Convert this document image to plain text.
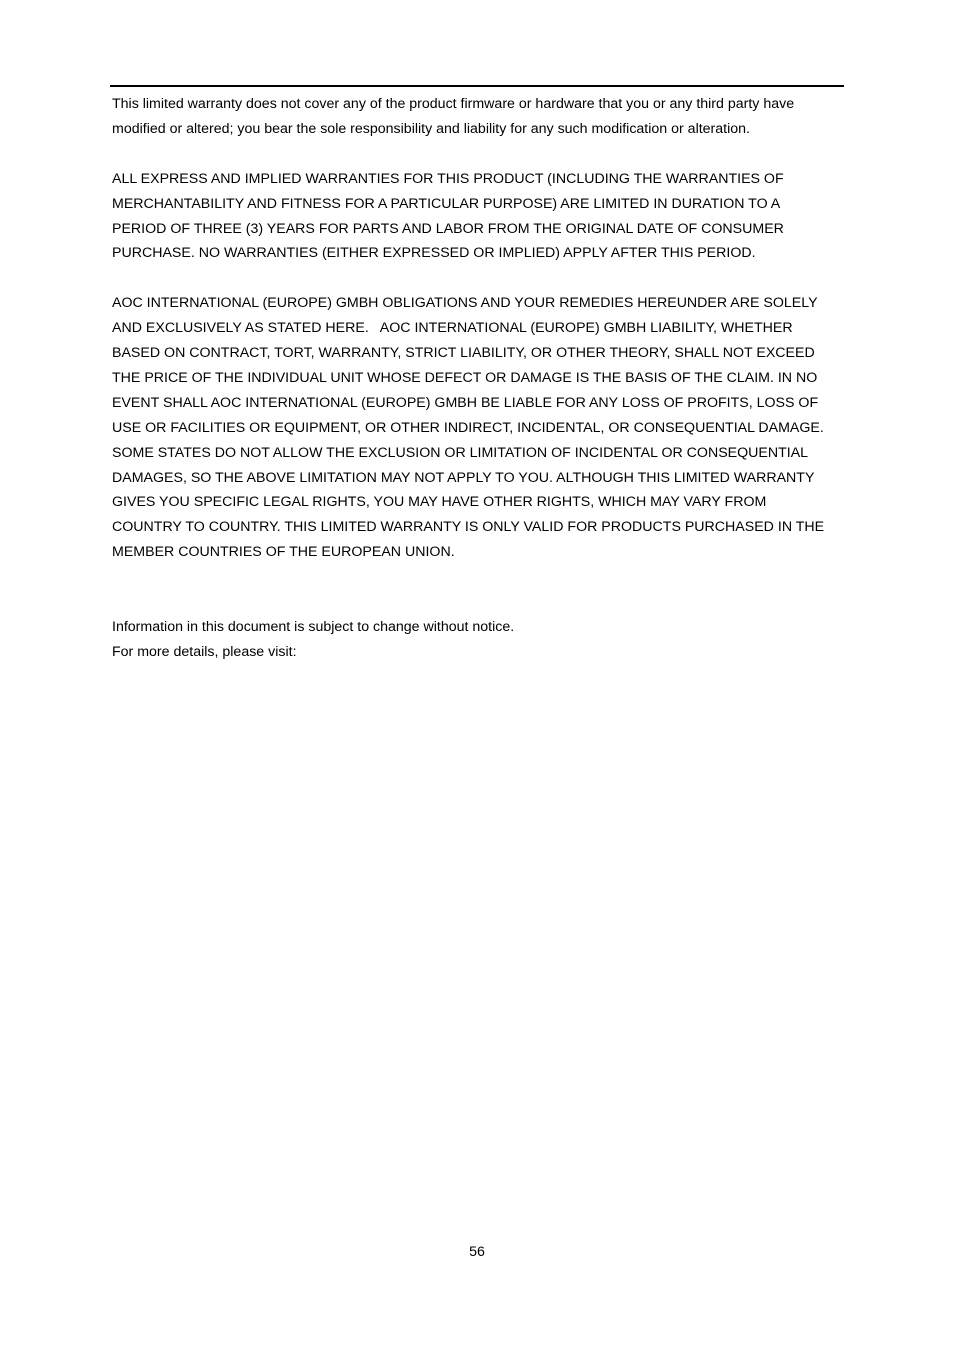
This limited warranty does not cover any of the product firmware or hardware that you or any third party have
modified or altered; you bear the sole responsibility and liability for any such modification or alteration.

ALL EXPRESS AND IMPLIED WARRANTIES FOR THIS PRODUCT (INCLUDING THE WARRANTIES OF
MERCHANTABILITY AND FITNESS FOR A PARTICULAR PURPOSE) ARE LIMITED IN DURATION TO A
PERIOD OF THREE (3) YEARS FOR PARTS AND LABOR FROM THE ORIGINAL DATE OF CONSUMER
PURCHASE. NO WARRANTIES (EITHER EXPRESSED OR IMPLIED) APPLY AFTER THIS PERIOD.

AOC INTERNATIONAL (EUROPE) GMBH OBLIGATIONS AND YOUR REMEDIES HEREUNDER ARE SOLELY
AND EXCLUSIVELY AS STATED HERE.   AOC INTERNATIONAL (EUROPE) GMBH LIABILITY, WHETHER
BASED ON CONTRACT, TORT, WARRANTY, STRICT LIABILITY, OR OTHER THEORY, SHALL NOT EXCEED
THE PRICE OF THE INDIVIDUAL UNIT WHOSE DEFECT OR DAMAGE IS THE BASIS OF THE CLAIM. IN NO
EVENT SHALL AOC INTERNATIONAL (EUROPE) GMBH BE LIABLE FOR ANY LOSS OF PROFITS, LOSS OF
USE OR FACILITIES OR EQUIPMENT, OR OTHER INDIRECT, INCIDENTAL, OR CONSEQUENTIAL DAMAGE.
SOME STATES DO NOT ALLOW THE EXCLUSION OR LIMITATION OF INCIDENTAL OR CONSEQUENTIAL
DAMAGES, SO THE ABOVE LIMITATION MAY NOT APPLY TO YOU. ALTHOUGH THIS LIMITED WARRANTY
GIVES YOU SPECIFIC LEGAL RIGHTS, YOU MAY HAVE OTHER RIGHTS, WHICH MAY VARY FROM
COUNTRY TO COUNTRY. THIS LIMITED WARRANTY IS ONLY VALID FOR PRODUCTS PURCHASED IN THE
MEMBER COUNTRIES OF THE EUROPEAN UNION.

Information in this document is subject to change without notice.
For more details, please visit:

56
